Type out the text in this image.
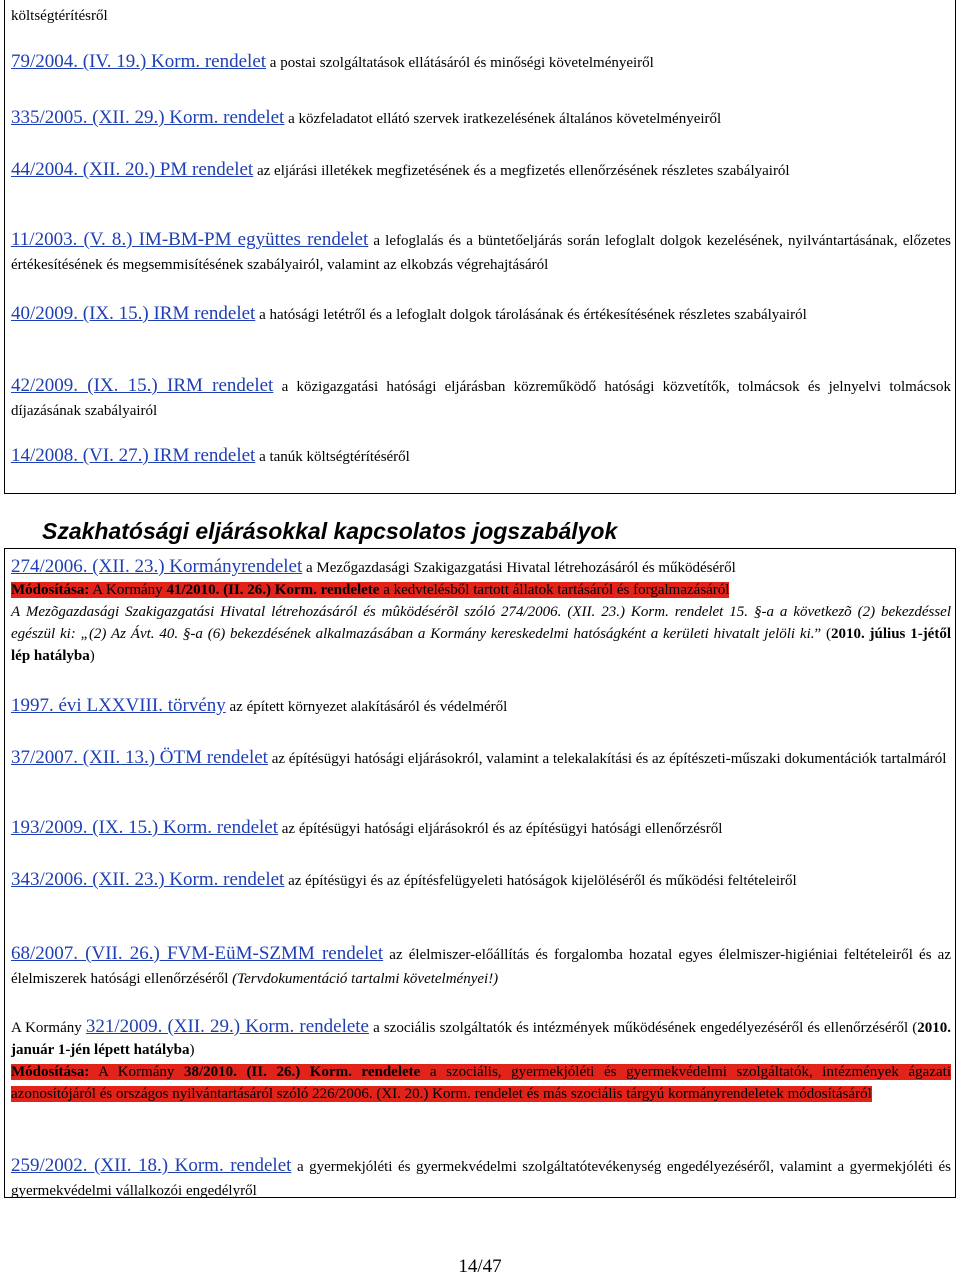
költségtérítésről

79/2004. (IV. 19.) Korm. rendelet a postai szolgáltatások ellátásáról és minőségi követelményeiről

335/2005. (XII. 29.) Korm. rendelet a közfeladatot ellátó szervek iratkezelésének általános követelményeiről

44/2004. (XII. 20.) PM rendelet az eljárási illetékek megfizetésének és a megfizetés ellenőrzésének részletes szabályairól

11/2003. (V. 8.) IM-BM-PM együttes rendelet a lefoglalás és a büntetőeljárás során lefoglalt dolgok kezelésének, nyilvántartásának, előzetes értékesítésének és megsemmisítésének szabályairól, valamint az elkobzás végrehajtásáról

40/2009. (IX. 15.) IRM rendelet a hatósági letétről és a lefoglalt dolgok tárolásának és értékesítésének részletes szabályairól

42/2009. (IX. 15.) IRM rendelet a közigazgatási hatósági eljárásban közreműködő hatósági közvetítők, tolmácsok és jelnyelvi tolmácsok díjazásának szabályairól

14/2008. (VI. 27.) IRM rendelet a tanúk költségtérítéséről

Szakhatósági eljárásokkal kapcsolatos jogszabályok

274/2006. (XII. 23.) Kormányrendelet a Mezőgazdasági Szakigazgatási Hivatal létrehozásáról és működéséről
Módosítása: A Kormány 41/2010. (II. 26.) Korm. rendelete a kedvtelésből tartott állatok tartásáról és forgalmazásáról
A Mezõgazdasági Szakigazgatási Hivatal létrehozásáról és mûködésérõl szóló 274/2006. (XII. 23.) Korm. rendelet 15. §-a a következõ (2) bekezdéssel egészül ki: „(2) Az Ávt. 40. §-a (6) bekezdésének alkalmazásában a Kormány kereskedelmi hatóságként a kerületi hivatalt jelöli ki.” (2010. július 1-jétől lép hatályba)

1997. évi LXXVIII. törvény az épített környezet alakításáról és védelméről

37/2007. (XII. 13.) ÖTM rendelet az építésügyi hatósági eljárásokról, valamint a telekalakítási és az építészeti-műszaki dokumentációk tartalmáról

193/2009. (IX. 15.) Korm. rendelet az építésügyi hatósági eljárásokról és az építésügyi hatósági ellenőrzésről

343/2006. (XII. 23.) Korm. rendelet az építésügyi és az építésfelügyeleti hatóságok kijelöléséről és működési feltételeiről

68/2007. (VII. 26.) FVM-EüM-SZMM rendelet az élelmiszer-előállítás és forgalomba hozatal egyes élelmiszer-higiéniai feltételeiről és az élelmiszerek hatósági ellenőrzéséről (Tervdokumentáció tartalmi követelményei!)

A Kormány 321/2009. (XII. 29.) Korm. rendelete a szociális szolgáltatók és intézmények működésének engedélyezéséről és ellenőrzéséről (2010. január 1-jén lépett hatályba)
Módosítása: A Kormány 38/2010. (II. 26.) Korm. rendelete a szociális, gyermekjóléti és gyermekvédelmi szolgáltatók, intézmények ágazati azonosítójáról és országos nyilvántartásáról szóló 226/2006. (XI. 20.) Korm. rendelet és más szociális tárgyú kormányrendeletek módosításáról

259/2002. (XII. 18.) Korm. rendelet a gyermekjóléti és gyermekvédelmi szolgáltatótevékenység engedélyezéséről, valamint a gyermekjóléti és gyermekvédelmi vállalkozói engedélyről

14/47
